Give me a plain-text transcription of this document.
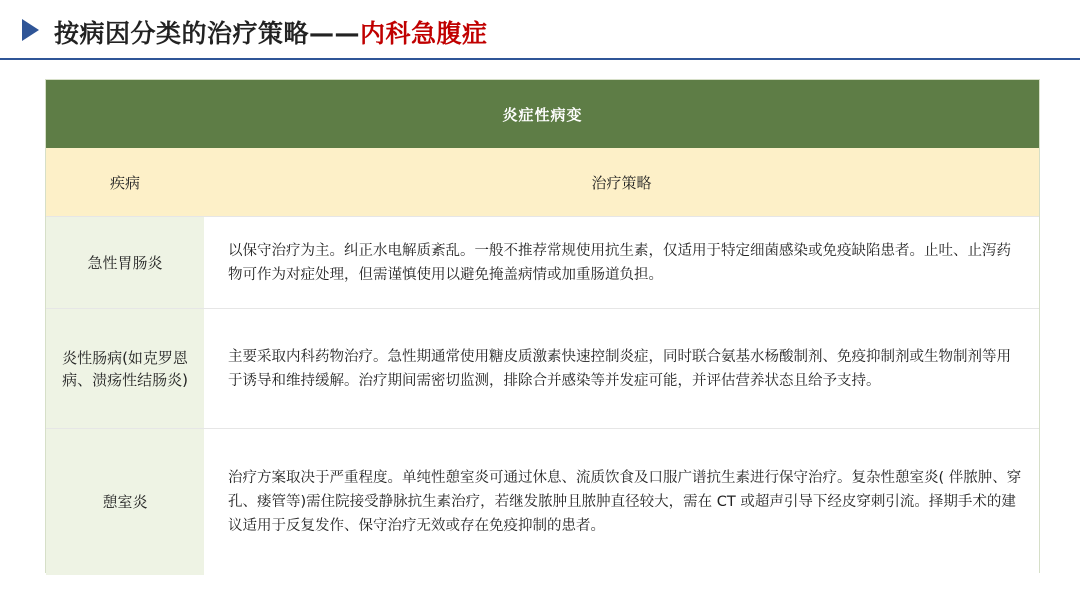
按病因分类的治疗策略——内科急腹症
炎症性病变
疾病	治疗策略
急性胃肠炎
以保守治疗为主。纠正水电解质紊乱。一般不推荐常规使用抗生素，仅适用于特定细菌感染或免疫缺陷患者。止吐、止泻药物可作为对症处理，但需谨慎使用以避免掩盖病情或加重肠道负担。
炎性肠病(如克罗恩病、溃疡性结肠炎)
主要采取内科药物治疗。急性期通常使用糖皮质激素快速控制炎症，同时联合氨基水杨酸制剂、免疫抑制剂或生物制剂等用于诱导和维持缓解。治疗期间需密切监测，排除合并感染等并发症可能，并评估营养状态且给予支持。
憩室炎
治疗方案取决于严重程度。单纯性憩室炎可通过休息、流质饮食及口服广谱抗生素进行保守治疗。复杂性憩室炎( 伴脓肿、穿孔、瘘管等)需住院接受静脉抗生素治疗，若继发脓肿且脓肿直径较大，需在 CT 或超声引导下经皮穿刺引流。择期手术的建议适用于反复发作、保守治疗无效或存在免疫抑制的患者。
